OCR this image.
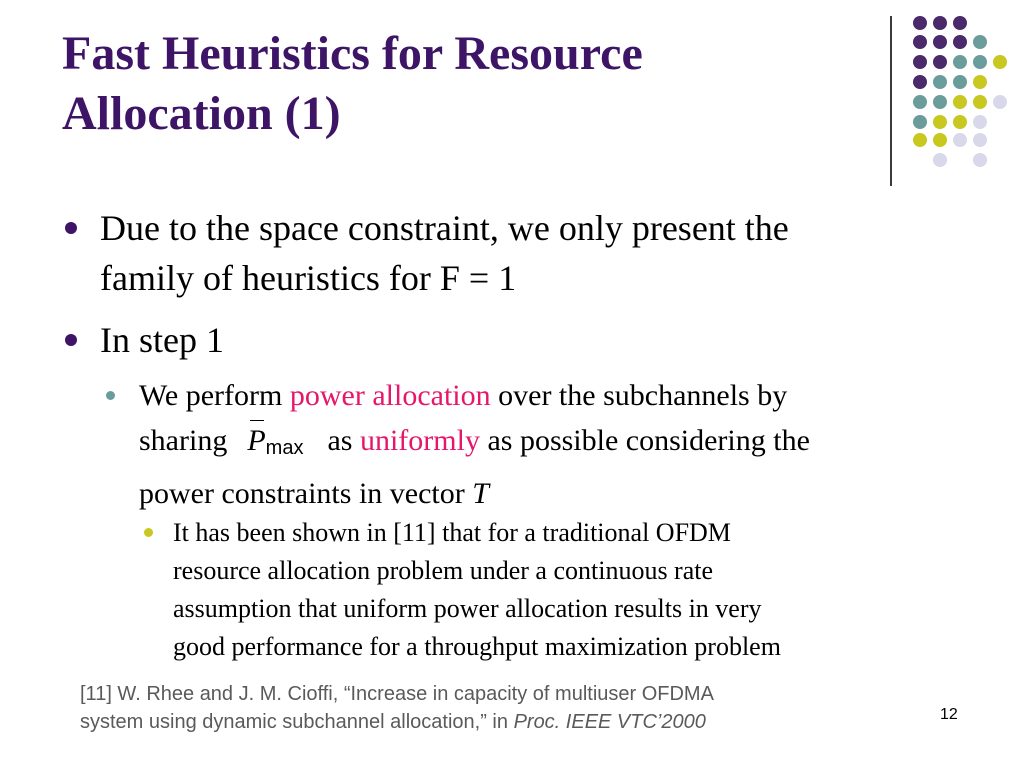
Fast Heuristics for Resource
Allocation (1)
Due to the space constraint, we only present the
family of heuristics for F = 1
In step 1
We perform power allocation over the subchannels by
sharing $P_{max}$ as uniformly as possible considering the
power constraints in vector T
It has been shown in [11] that for a traditional OFDM
resource allocation problem under a continuous rate
assumption that uniform power allocation results in very
good performance for a throughput maximization problem
[11] W. Rhee and J. M. Cioffi, “Increase in capacity of multiuser OFDMA
system using dynamic subchannel allocation,” in Proc. IEEE VTC’2000	12
